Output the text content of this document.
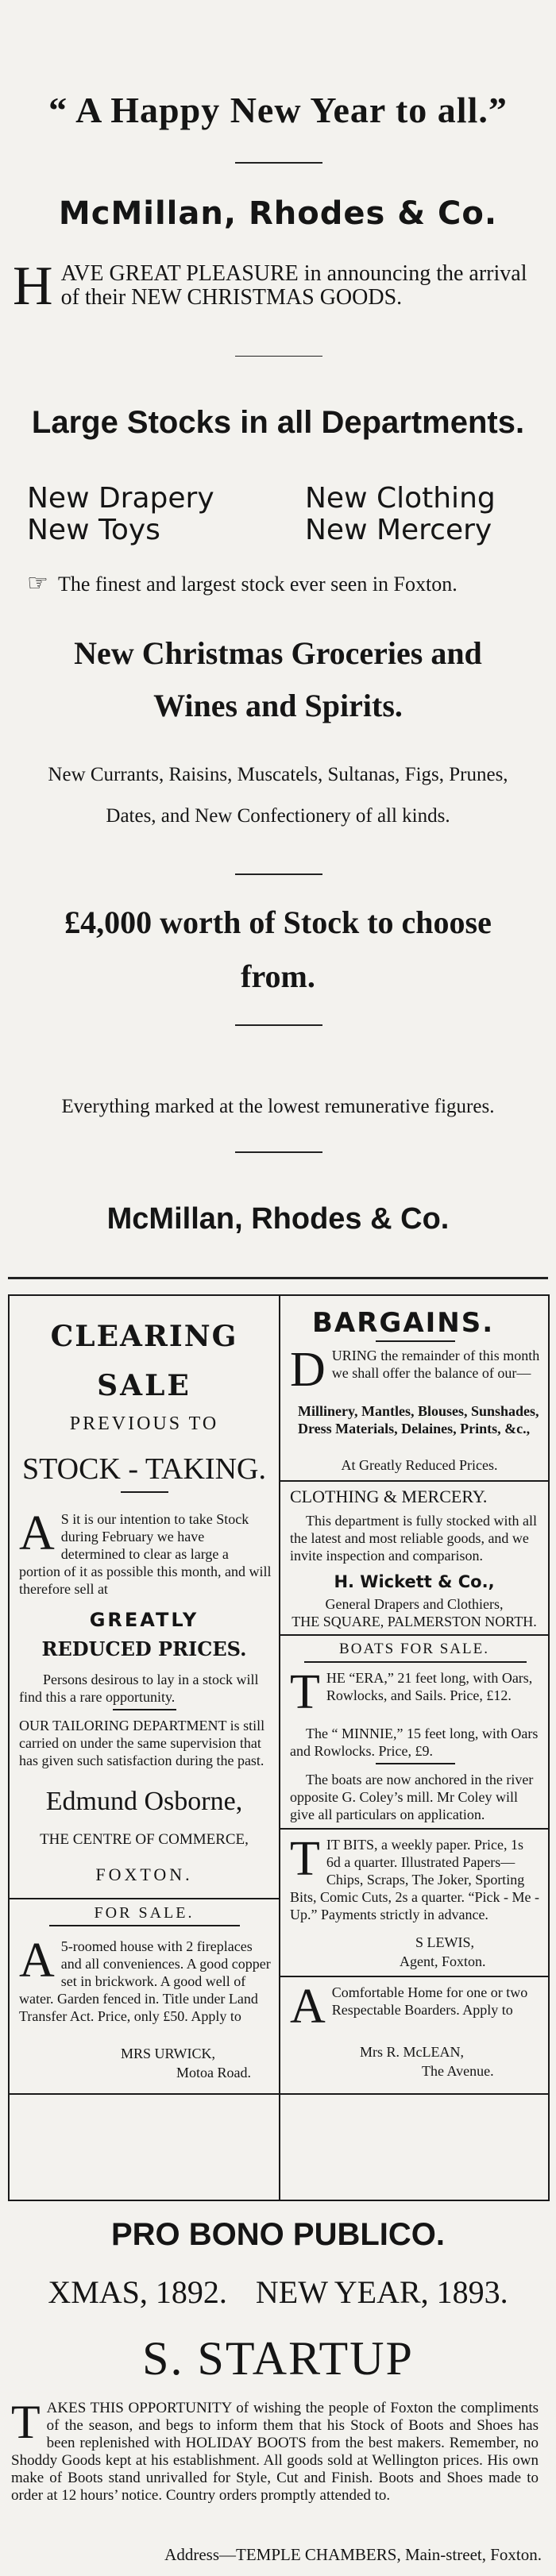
“ A Happy New Year to all.”
McMillan, Rhodes & Co.
H AVE GREAT PLEASURE in announcing the arrival of their NEW CHRISTMAS GOODS.
Large Stocks in all Departments.
New Drapery
New Toys
New Clothing
New Mercery
☞ The finest and largest stock ever seen in Foxton.
New Christmas Groceries and
Wines and Spirits.
New Currants, Raisins, Muscatels, Sultanas, Figs, Prunes,
Dates, and New Confectionery of all kinds.
£4,000 worth of Stock to choose
from.
Everything marked at the lowest remunerative figures.
McMillan, Rhodes & Co.
CLEARING
SALE
PREVIOUS TO
STOCK - TAKING.
A S it is our intention to take Stock during February we have determined to clear as large a portion of it as possible this month, and will therefore sell at
GREATLY
REDUCED PRICES.
Persons desirous to lay in a stock will find this a rare opportunity.
OUR TAILORING DEPARTMENT is still carried on under the same supervision that has given such satisfaction during the past.
Edmund Osborne,
THE CENTRE OF COMMERCE,
FOXTON.
FOR SALE.
A 5-roomed house with 2 fireplaces and all conveniences. A good copper set in brickwork. A good well of water. Garden fenced in. Title under Land Transfer Act. Price, only £50. Apply to
MRS URWICK,
Motoa Road.
BARGAINS.
D URING the remainder of this month we shall offer the balance of our—
Millinery, Mantles, Blouses, Sunshades, Dress Materials, Delaines, Prints, &c.,
At Greatly Reduced Prices.
CLOTHING & MERCERY.
This department is fully stocked with all the latest and most reliable goods, and we invite inspection and comparison.
H. Wickett & Co.,
General Drapers and Clothiers,
THE SQUARE, PALMERSTON NORTH.
BOATS FOR SALE.
T HE “ERA,” 21 feet long, with Oars, Rowlocks, and Sails. Price, £12.
The “ MINNIE,” 15 feet long, with Oars and Rowlocks. Price, £9.
The boats are now anchored in the river opposite G. Coley’s mill. Mr Coley will give all particulars on application.
T IT BITS, a weekly paper. Price, 1s 6d a quarter. Illustrated Papers—Chips, Scraps, The Joker, Sporting Bits, Comic Cuts, 2s a quarter. “Pick - Me - Up.” Payments strictly in advance.
S LEWIS,
Agent, Foxton.
A Comfortable Home for one or two Respectable Boarders. Apply to
Mrs R. McLEAN,
The Avenue.
PRO BONO PUBLICO.
XMAS, 1892. NEW YEAR, 1893.
S. STARTUP
T AKES THIS OPPORTUNITY of wishing the people of Foxton the compliments of the season, and begs to inform them that his Stock of Boots and Shoes has been replenished with HOLIDAY BOOTS from the best makers. Remember, no Shoddy Goods kept at his establishment. All goods sold at Wellington prices. His own make of Boots stand unrivalled for Style, Cut and Finish. Boots and Shoes made to order at 12 hours’ notice. Country orders promptly attended to.
Address—TEMPLE CHAMBERS, Main-street, Foxton.
